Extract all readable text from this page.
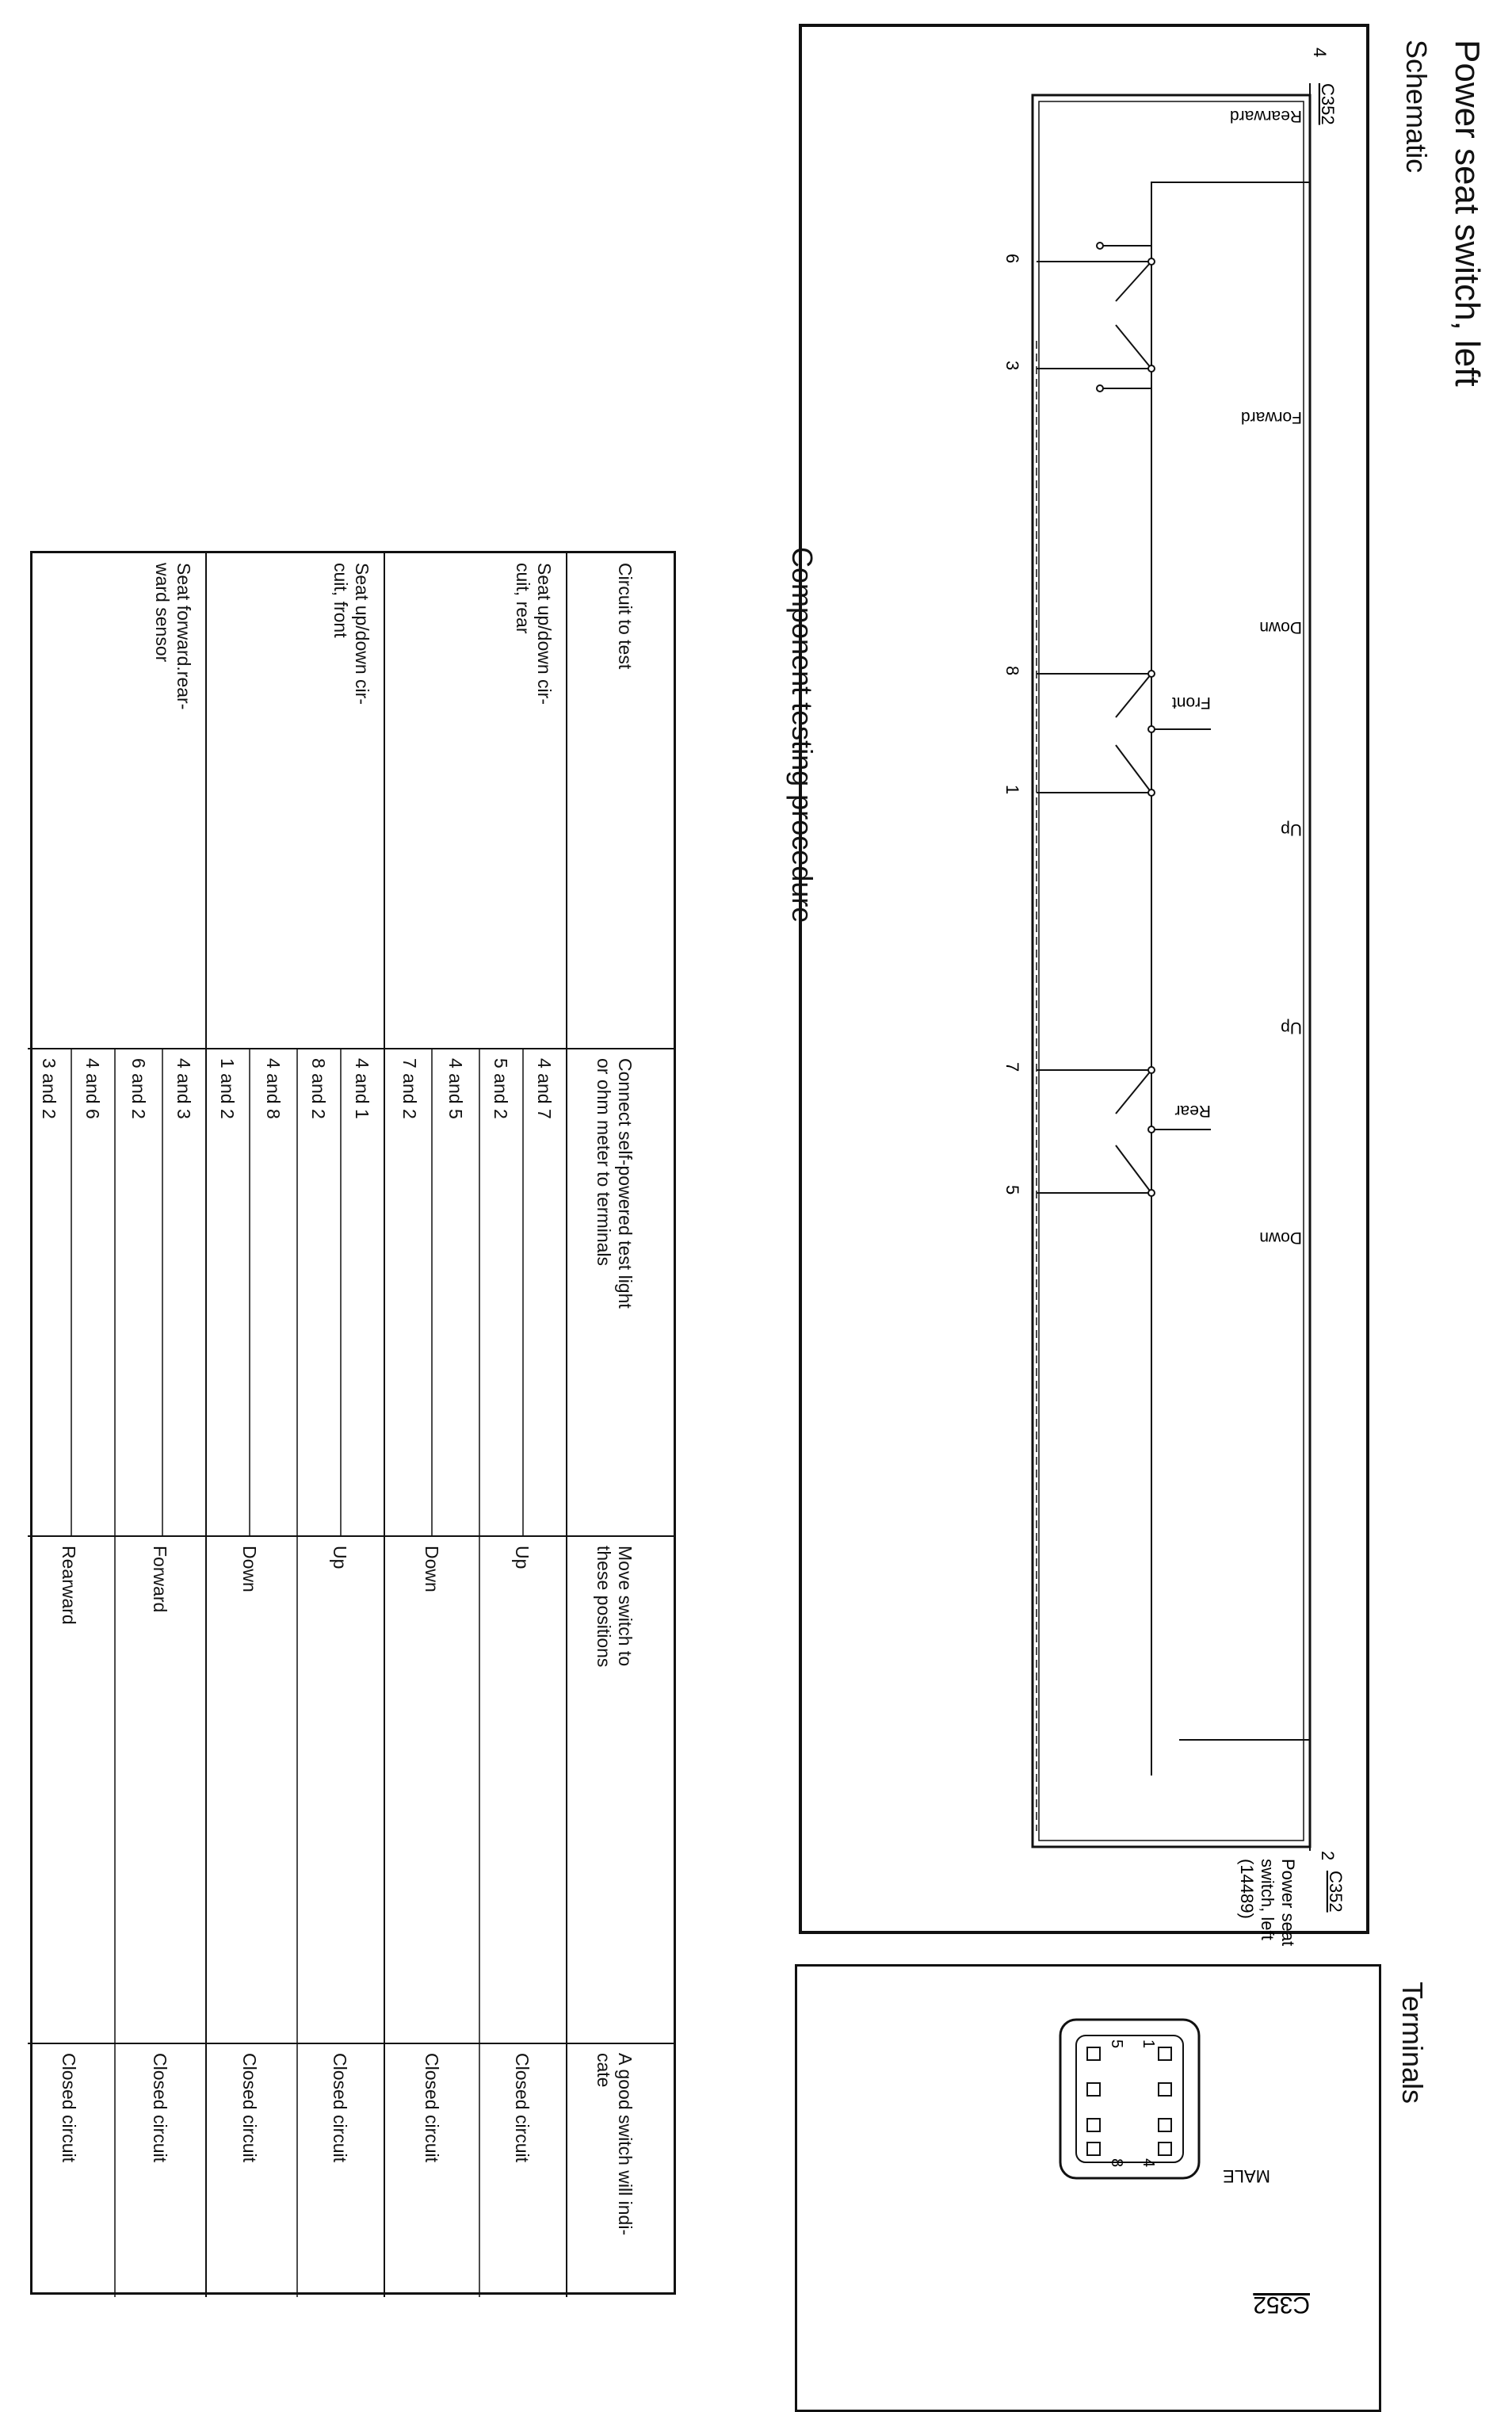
Power seat switch, left
Schematic
4
C352
2
C352
Power seat
switch, left
(14489)
Rearward
Forward
6
3
Down
Up
Front
8
1
Up
Down
Rear
7
5
Terminals
C352
MALE
1
5
4
8
Component testing procedure
Circuit to test
Connect self-powered test light
or ohm meter to terminals
Move switch to
these positions
A good switch will indi-
cate
Seat up/down cir-
cuit, rear
4 and 7
5 and 2
4 and 5
7 and 2
Up
Down
Closed circuit
Closed circuit
Seat up/down cir-
cuit, front
4 and 1
8 and 2
4 and 8
1 and 2
Up
Down
Closed circuit
Closed circuit
Seat forward.rear-
ward sensor
4 and 3
6 and 2
4 and 6
3 and 2
Forward
Rearward
Closed circuit
Closed circuit
